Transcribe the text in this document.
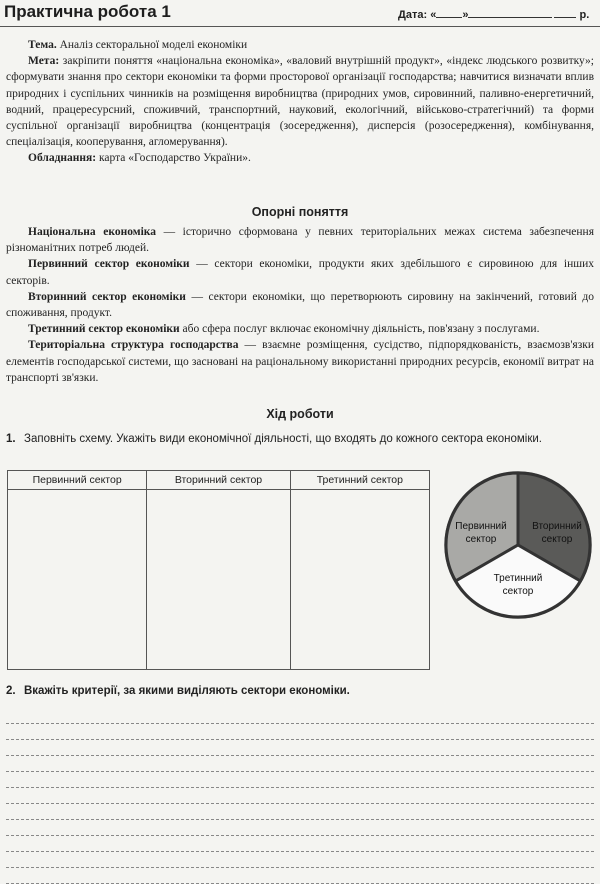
Практична робота 1	Дата: « »	р.
Тема. Аналіз секторальної моделі економіки
Мета: закріпити поняття «національна економіка», «валовий внутрішній продукт», «індекс людського розвитку»; сформувати знання про сектори економіки та форми просторової організації господарства; навчитися визначати вплив природних і суспільних чинників на розміщення виробництва (природних умов, сировинний, паливно-енергетичний, водний, працересурсний, споживчий, транспортний, науковий, екологічний, військово-стратегічний) та форми суспільної організації виробництва (концентрація (зосередження), дисперсія (розосередження), комбінування, спеціалізація, кооперування, агломерування).
Обладнання: карта «Господарство України».
Опорні поняття
Національна економіка — історично сформована у певних територіальних межах система забезпечення різноманітних потреб людей.
Первинний сектор економіки — сектори економіки, продукти яких здебільшого є сировиною для інших секторів.
Вторинний сектор економіки — сектори економіки, що перетворюють сировину на закінчений, готовий до споживання, продукт.
Третинний сектор економіки або сфера послуг включає економічну діяльність, пов'язану з послугами.
Територіальна структура господарства — взаємне розміщення, сусідство, підпорядкованість, взаємозв'язки елементів господарської системи, що засновані на раціональному використанні природних ресурсів, економії витрат на транспорті зв'язки.
Хід роботи
1. Заповніть схему. Укажіть види економічної діяльності, що входять до кожного сектора економіки.
Первинний сектор	Вторинний сектор	Третинний сектор

Первинний
сектор
Вторинний
сектор
Третинний
сектор
2. Вкажіть критерії, за якими виділяють сектори економіки.
